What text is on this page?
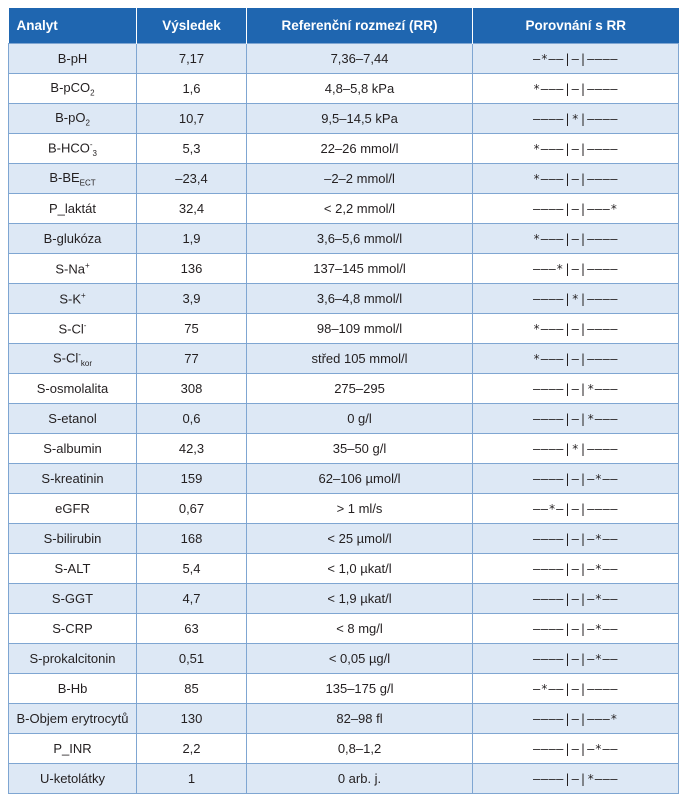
Analyt	Výsledek	Referenční rozmezí (RR)	Porovnání s RR
B-pH	7,17	7,36–7,44	–*––|–|––––
B-pCO$_2$	1,6	4,8–5,8 kPa	*–––|–|––––
$B-pO_2$	10,7	9,5–14,5 kPa	––––|*|––––
$B-HCO^-_3$	5,3	22–26 mmol/l	*–––|–|––––
$B-BE_{ECT}$	–23,4	–2–2 mmol/l	*–––|–|––––
P_laktát	32,4	< 2,2 mmol/l	––––|–|–––*
B-glukóza	1,9	3,6–5,6 mmol/l	*–––|–|––––
S-Na+	136	137–145 mmol/l	–––*|–|––––
S-K+	3,9	3,6–4,8 mmol/l	––––|*|––––
S-Cl-	75	98–109 mmol/l	*–––|–|––––
$S-Cl^-_{kor}$	77	střed 105 mmol/l	*–––|–|––––
S-osmolalita	308	275–295	––––|–|*–––
S-etanol	0,6	0 g/l	––––|–|*–––
S-albumin	42,3	35–50 g/l	––––|*|––––
S-kreatinin	159	62–106 µmol/l	––––|–|–*––
eGFR	0,67	> 1 ml/s	––*–|–|––––
S-bilirubin	168	< 25 µmol/l	––––|–|–*––
S-ALT	5,4	< 1,0 µkat/l	––––|–|–*––
S-GGT	4,7	< 1,9 µkat/l	––––|–|–*––
S-CRP	63	< 8 mg/l	––––|–|–*––
S-prokalcitonin	0,51	< 0,05 µg/l	––––|–|–*––
B-Hb	85	135–175 g/l	–*––|–|––––
B-Objem erytrocytů	130	82–98 fl	––––|–|–––*
P_INR	2,2	0,8–1,2	––––|–|–*––
U-ketolátky	1	0 arb. j.	––––|–|*–––
